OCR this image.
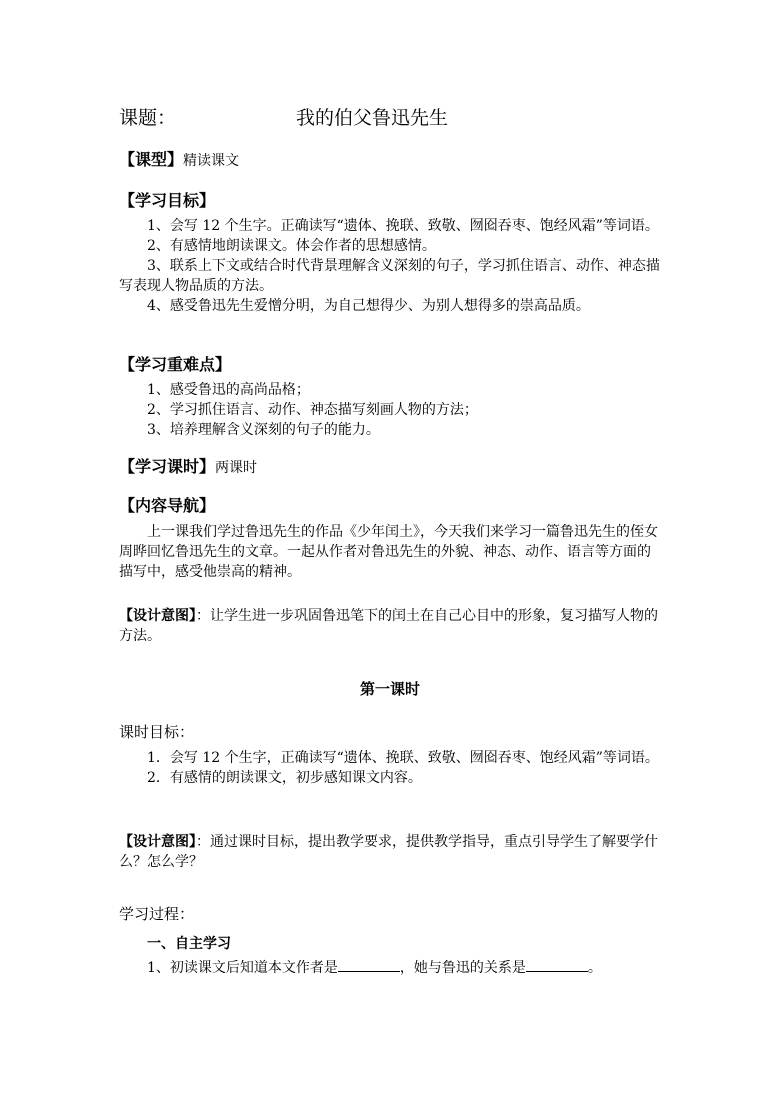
课题：	我的伯父鲁迅先生
【课型】精读课文
【学习目标】

1、会写 12 个生字。正确读写“遗体、挽联、致敬、囫囵吞枣、饱经风霜”等词语。

2、有感情地朗读课文。体会作者的思想感情。

3、联系上下文或结合时代背景理解含义深刻的句子，学习抓住语言、动作、神态描写表现人物品质的方法。

4、感受鲁迅先生爱憎分明，为自己想得少、为别人想得多的崇高品质。

【学习重难点】

1、感受鲁迅的高尚品格；

2、学习抓住语言、动作、神态描写刻画人物的方法；

3、培养理解含义深刻的句子的能力。

【学习课时】两课时
【内容导航】

上一课我们学过鲁迅先生的作品《少年闰土》，今天我们来学习一篇鲁迅先生的侄女周晔回忆鲁迅先生的文章。一起从作者对鲁迅先生的外貌、神态、动作、语言等方面的描写中，感受他崇高的精神。

【设计意图】：让学生进一步巩固鲁迅笔下的闰土在自己心目中的形象，复习描写人物的方法。
第一课时
课时目标：

1．会写 12 个生字，正确读写“遗体、挽联、致敬、囫囵吞枣、饱经风霜”等词语。

2．有感情的朗读课文，初步感知课文内容。

【设计意图】：通过课时目标，提出教学要求，提供教学指导，重点引导学生了解要学什么？怎么学？
学习过程：
一、自主学习
1、初读课文后知道本文作者是	，她与鲁迅的关系是	。
